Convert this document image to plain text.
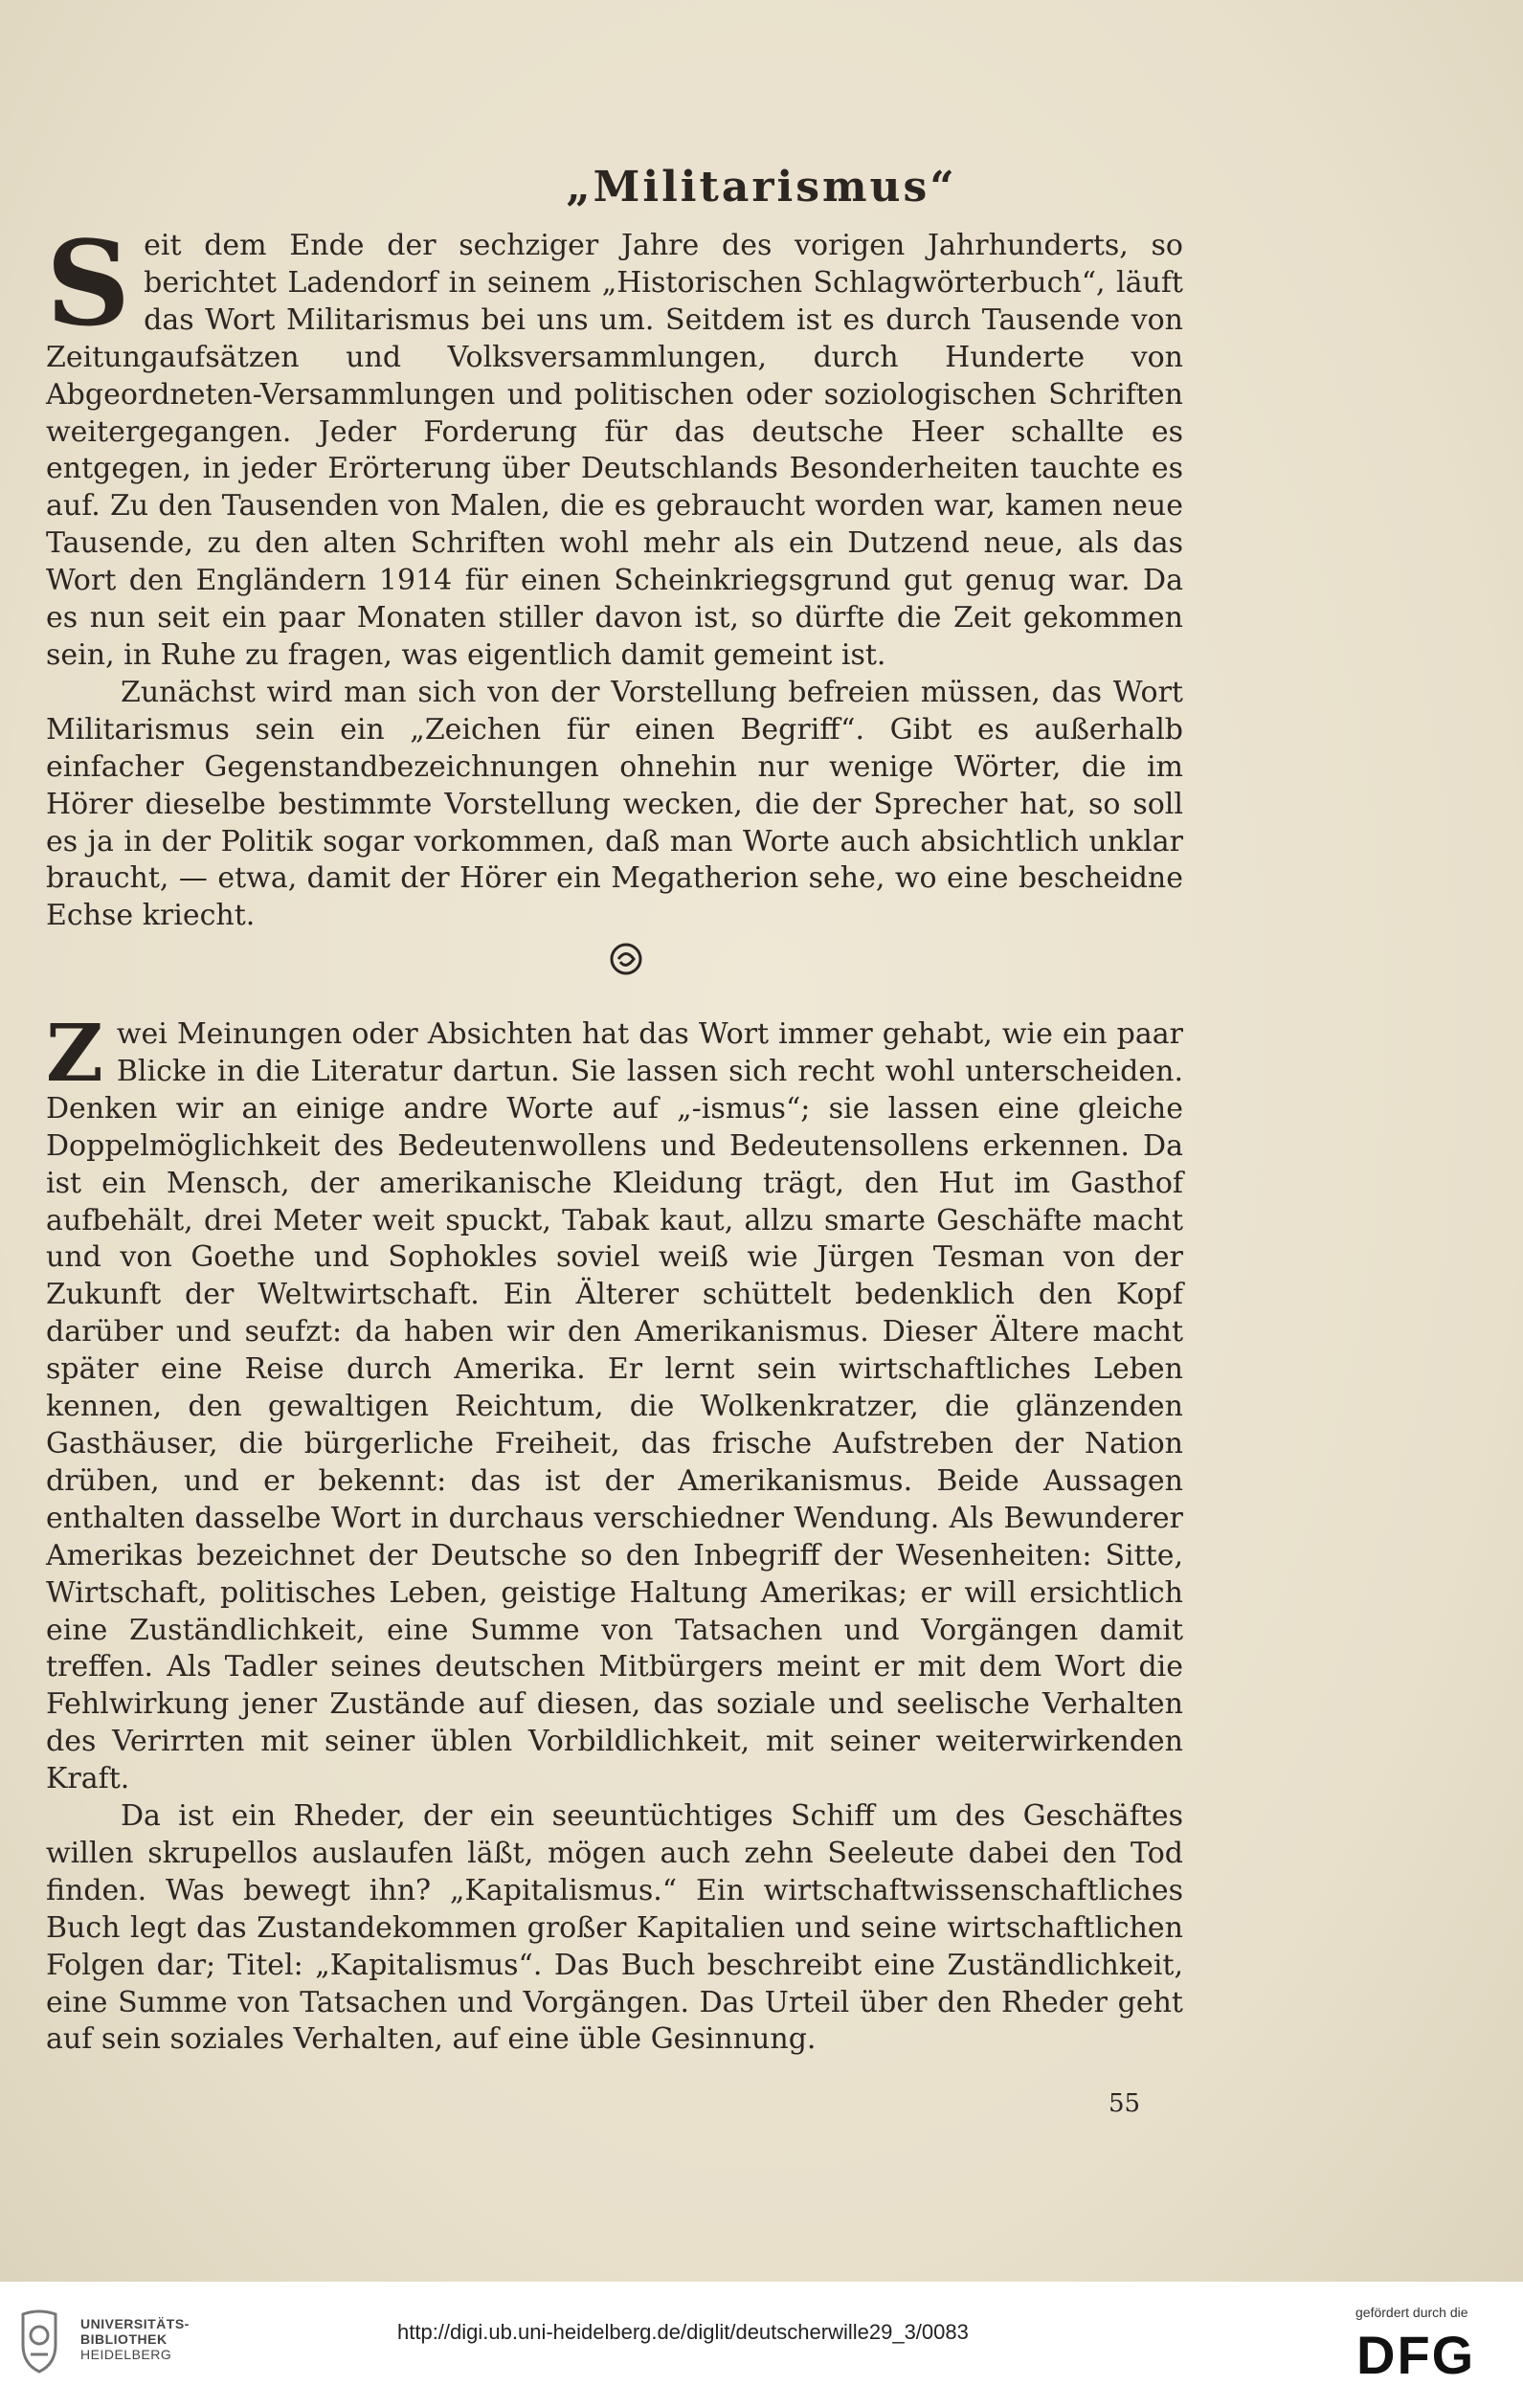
„Militarismus“
S eit dem Ende der sechziger Jahre des vorigen Jahrhunderts, so berichtet Ladendorf in seinem „Historischen Schlagwörterbuch“, läuft das Wort Militarismus bei uns um. Seitdem ist es durch Tausende von Zeitungaufsätzen und Volksversammlungen, durch Hunderte von Abgeordneten-Versammlungen und politischen oder soziologischen Schriften weitergegangen. Jeder Forderung für das deutsche Heer schallte es entgegen, in jeder Erörterung über Deutschlands Besonderheiten tauchte es auf. Zu den Tausenden von Malen, die es gebraucht worden war, kamen neue Tausende, zu den alten Schriften wohl mehr als ein Dutzend neue, als das Wort den Engländern 1914 für einen Scheinkriegsgrund gut genug war. Da es nun seit ein paar Monaten stiller davon ist, so dürfte die Zeit gekommen sein, in Ruhe zu fragen, was eigentlich damit gemeint ist.

Zunächst wird man sich von der Vorstellung befreien müssen, das Wort Militarismus sein ein „Zeichen für einen Begriff“. Gibt es außerhalb einfacher Gegenstandbezeichnungen ohnehin nur wenige Wörter, die im Hörer dieselbe bestimmte Vorstellung wecken, die der Sprecher hat, so soll es ja in der Politik sogar vorkommen, daß man Worte auch absichtlich unklar braucht, — etwa, damit der Hörer ein Megatherion sehe, wo eine bescheidne Echse kriecht.

Z wei Meinungen oder Absichten hat das Wort immer gehabt, wie ein paar Blicke in die Literatur dartun. Sie lassen sich recht wohl unterscheiden. Denken wir an einige andre Worte auf „-ismus“; sie lassen eine gleiche Doppelmöglichkeit des Bedeutenwollens und Bedeutensollens erkennen. Da ist ein Mensch, der amerikanische Kleidung trägt, den Hut im Gasthof aufbehält, drei Meter weit spuckt, Tabak kaut, allzu smarte Geschäfte macht und von Goethe und Sophokles soviel weiß wie Jürgen Tesman von der Zukunft der Weltwirtschaft. Ein Älterer schüttelt bedenklich den Kopf darüber und seufzt: da haben wir den Amerikanismus. Dieser Ältere macht später eine Reise durch Amerika. Er lernt sein wirtschaftliches Leben kennen, den gewaltigen Reichtum, die Wolkenkratzer, die glänzenden Gasthäuser, die bürgerliche Freiheit, das frische Aufstreben der Nation drüben, und er bekennt: das ist der Amerikanismus. Beide Aussagen enthalten dasselbe Wort in durchaus verschiedner Wendung. Als Bewunderer Amerikas bezeichnet der Deutsche so den Inbegriff der Wesenheiten: Sitte, Wirtschaft, politisches Leben, geistige Haltung Amerikas; er will ersichtlich eine Zuständlichkeit, eine Summe von Tatsachen und Vorgängen damit treffen. Als Tadler seines deutschen Mitbürgers meint er mit dem Wort die Fehlwirkung jener Zustände auf diesen, das soziale und seelische Verhalten des Verirrten mit seiner üblen Vorbildlichkeit, mit seiner weiterwirkenden Kraft.

Da ist ein Rheder, der ein seeuntüchtiges Schiff um des Geschäftes willen skrupellos auslaufen läßt, mögen auch zehn Seeleute dabei den Tod finden. Was bewegt ihn? „Kapitalismus.“ Ein wirtschaftwissenschaftliches Buch legt das Zustandekommen großer Kapitalien und seine wirtschaftlichen Folgen dar; Titel: „Kapitalismus“. Das Buch beschreibt eine Zuständlichkeit, eine Summe von Tatsachen und Vorgängen. Das Urteil über den Rheder geht auf sein soziales Verhalten, auf eine üble Gesinnung.

55
UNIVERSITÄTS-
BIBLIOTHEK
HEIDELBERG
http://digi.ub.uni-heidelberg.de/diglit/deutscherwille29_3/0083
gefördert durch die
DFG
